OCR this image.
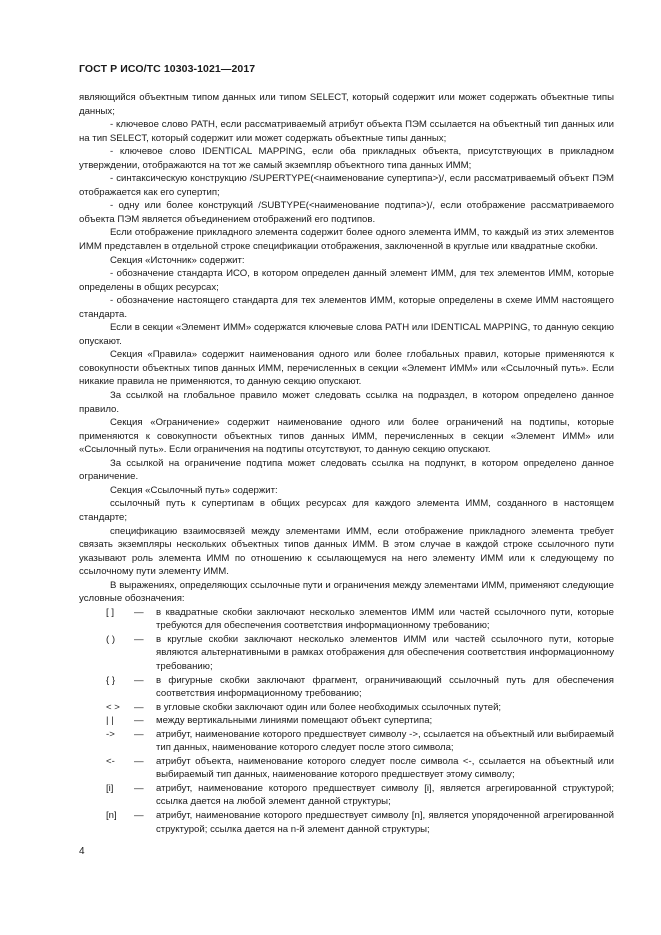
ГОСТ Р ИСО/ТС 10303-1021—2017

являющийся объектным типом данных или типом SELECT, который содержит или может содержать объектные типы данных;

- ключевое слово PATH, если рассматриваемый атрибут объекта ПЭМ ссылается на объектный тип данных или на тип SELECT, который содержит или может содержать объектные типы данных;

- ключевое слово IDENTICAL MAPPING, если оба прикладных объекта, присутствующих в прикладном утверждении, отображаются на тот же самый экземпляр объектного типа данных ИММ;

- синтаксическую конструкцию /SUPERTYPE(<наименование супертипа>)/, если рассматриваемый объект ПЭМ отображается как его супертип;

- одну или более конструкций /SUBTYPE(<наименование подтипа>)/, если отображение рассматриваемого объекта ПЭМ является объединением отображений его подтипов.

Если отображение прикладного элемента содержит более одного элемента ИММ, то каждый из этих элементов ИММ представлен в отдельной строке спецификации отображения, заключенной в круглые или квадратные скобки.

Секция «Источник» содержит:

- обозначение стандарта ИСО, в котором определен данный элемент ИММ, для тех элементов ИММ, которые определены в общих ресурсах;

- обозначение настоящего стандарта для тех элементов ИММ, которые определены в схеме ИММ настоящего стандарта.

Если в секции «Элемент ИММ» содержатся ключевые слова PATH или IDENTICAL MAPPING, то данную секцию опускают.

Секция «Правила» содержит наименования одного или более глобальных правил, которые применяются к совокупности объектных типов данных ИММ, перечисленных в секции «Элемент ИММ» или «Ссылочный путь». Если никакие правила не применяются, то данную секцию опускают.

За ссылкой на глобальное правило может следовать ссылка на подраздел, в котором определено данное правило.

Секция «Ограничение» содержит наименование одного или более ограничений на подтипы, которые применяются к совокупности объектных типов данных ИММ, перечисленных в секции «Элемент ИММ» или «Ссылочный путь». Если ограничения на подтипы отсутствуют, то данную секцию опускают.

За ссылкой на ограничение подтипа может следовать ссылка на подпункт, в котором определено данное ограничение.

Секция «Ссылочный путь» содержит:

ссылочный путь к супертипам в общих ресурсах для каждого элемента ИММ, созданного в настоящем стандарте;

спецификацию взаимосвязей между элементами ИММ, если отображение прикладного элемента требует связать экземпляры нескольких объектных типов данных ИММ. В этом случае в каждой строке ссылочного пути указывают роль элемента ИММ по отношению к ссылающемуся на него элементу ИММ или к следующему по ссылочному пути элементу ИММ.

В выражениях, определяющих ссылочные пути и ограничения между элементами ИММ, применяют следующие условные обозначения:

[ ]	—	в квадратные скобки заключают несколько элементов ИММ или частей ссылочного пути, которые требуются для обеспечения соответствия информационному требованию;
( )	—	в круглые скобки заключают несколько элементов ИММ или частей ссылочного пути, которые являются альтернативными в рамках отображения для обеспечения соответствия информационному требованию;
{ }	—	в фигурные скобки заключают фрагмент, ограничивающий ссылочный путь для обеспечения соответствия информационному требованию;
< >	—	в угловые скобки заключают один или более необходимых ссылочных путей;
| |	—	между вертикальными линиями помещают объект супертипа;
->	—	атрибут, наименование которого предшествует символу ->, ссылается на объектный или выбираемый тип данных, наименование которого следует после этого символа;
<-	—	атрибут объекта, наименование которого следует после символа <-, ссылается на объектный или выбираемый тип данных, наименование которого предшествует этому символу;
[i]	—	атрибут, наименование которого предшествует символу [i], является агрегированной структурой; ссылка дается на любой элемент данной структуры;
[n]	—	атрибут, наименование которого предшествует символу [n], является упорядоченной агрегированной структурой; ссылка дается на n-й элемент данной структуры;
4
